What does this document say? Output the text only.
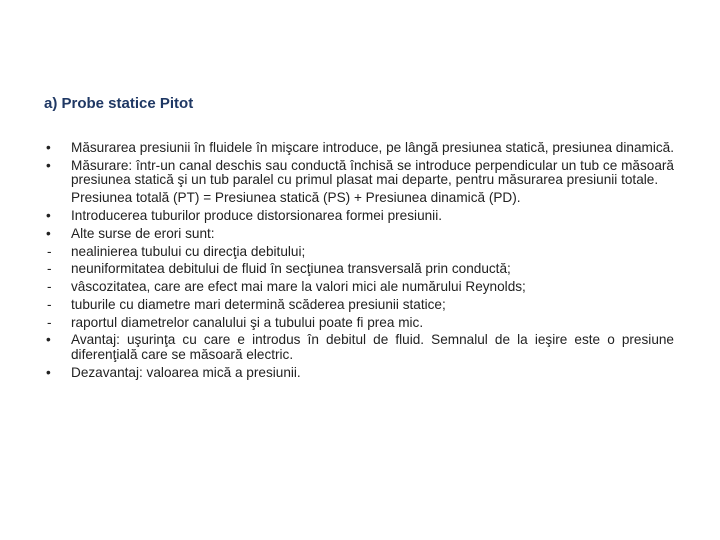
a) Probe statice Pitot
•	Măsurarea presiunii în fluidele în mişcare introduce, pe lângă presiunea statică, presiunea dinamică.
•	Măsurare: într-un canal deschis sau conductă închisă se introduce perpendicular un tub ce măsoară presiunea statică şi un tub paralel cu primul plasat mai departe, pentru măsurarea presiunii totale.
Presiunea totală (PT) = Presiunea statică (PS) + Presiunea dinamică (PD).
•	Introducerea tuburilor produce distorsionarea formei presiunii.
•	Alte surse de erori sunt:
-	nealinierea tubului cu direcţia debitului;
-	neuniformitatea debitului de fluid în secţiunea transversală prin conductă;
-	vâscozitatea, care are efect mai mare la valori mici ale numărului Reynolds;
-	tuburile cu diametre mari determină scăderea presiunii statice;
-	raportul diametrelor canalului şi a tubului poate fi prea mic.
•	Avantaj: uşurinţa cu care e introdus în debitul de fluid. Semnalul de la ieşire este o presiune diferenţială care se măsoară electric.
•	Dezavantaj: valoarea mică a presiunii.
